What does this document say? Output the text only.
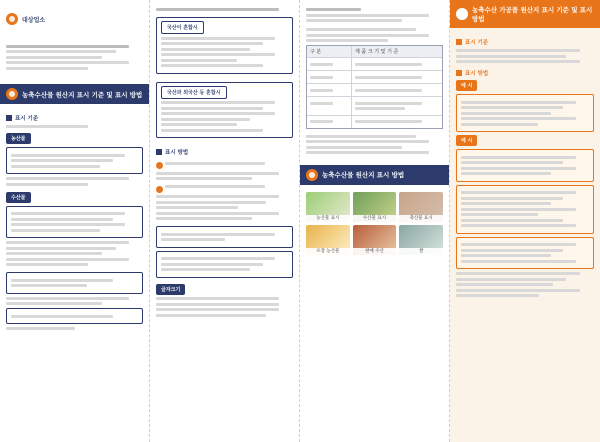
대상업소
농축수산물 원산지 표시 기준 및 표시 방법
표시 기준
농산물
수산물
국산이 혼합시
국산과 외국산 등 혼합시
표시 방법
글자크기
구 분	제 품 크 기 및 기 준
농축수산물 원산지 표시 방법
농산물 표시	수산물 표시	축산물 표시
포장 농산물	판매 수산	쌀
농축수산 가공품 원산지 표시 기준 및 표시 방법
표시 기준
표시 방법
예 시
예 시
